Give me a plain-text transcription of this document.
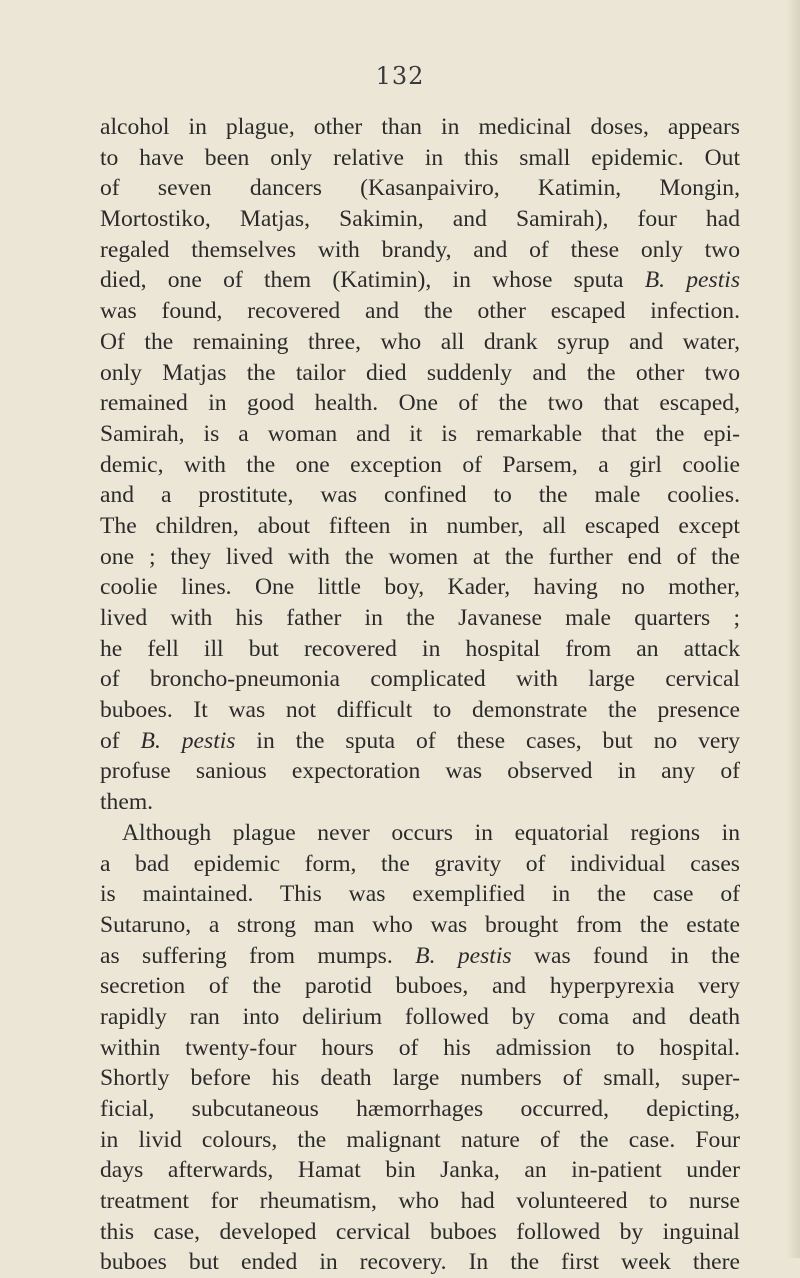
132
alcohol in plague, other than in medicinal doses, appears
to have been only relative in this small epidemic. Out
of seven dancers (Kasanpaiviro, Katimin, Mongin,
Mortostiko, Matjas, Sakimin, and Samirah), four had
regaled themselves with brandy, and of these only two
died, one of them (Katimin), in whose sputa B. pestis
was found, recovered and the other escaped infection.
Of the remaining three, who all drank syrup and water,
only Matjas the tailor died suddenly and the other two
remained in good health. One of the two that escaped,
Samirah, is a woman and it is remarkable that the epi-
demic, with the one exception of Parsem, a girl coolie
and a prostitute, was confined to the male coolies.
The children, about fifteen in number, all escaped except
one ; they lived with the women at the further end of the
coolie lines. One little boy, Kader, having no mother,
lived with his father in the Javanese male quarters ;
he fell ill but recovered in hospital from an attack
of broncho-pneumonia complicated with large cervical
buboes. It was not difficult to demonstrate the presence
of B. pestis in the sputa of these cases, but no very
profuse sanious expectoration was observed in any of
them.
Although plague never occurs in equatorial regions in
a bad epidemic form, the gravity of individual cases
is maintained. This was exemplified in the case of
Sutaruno, a strong man who was brought from the estate
as suffering from mumps. B. pestis was found in the
secretion of the parotid buboes, and hyperpyrexia very
rapidly ran into delirium followed by coma and death
within twenty-four hours of his admission to hospital.
Shortly before his death large numbers of small, super-
ficial, subcutaneous hæmorrhages occurred, depicting,
in livid colours, the malignant nature of the case. Four
days afterwards, Hamat bin Janka, an in-patient under
treatment for rheumatism, who had volunteered to nurse
this case, developed cervical buboes followed by inguinal
buboes but ended in recovery. In the first week there
